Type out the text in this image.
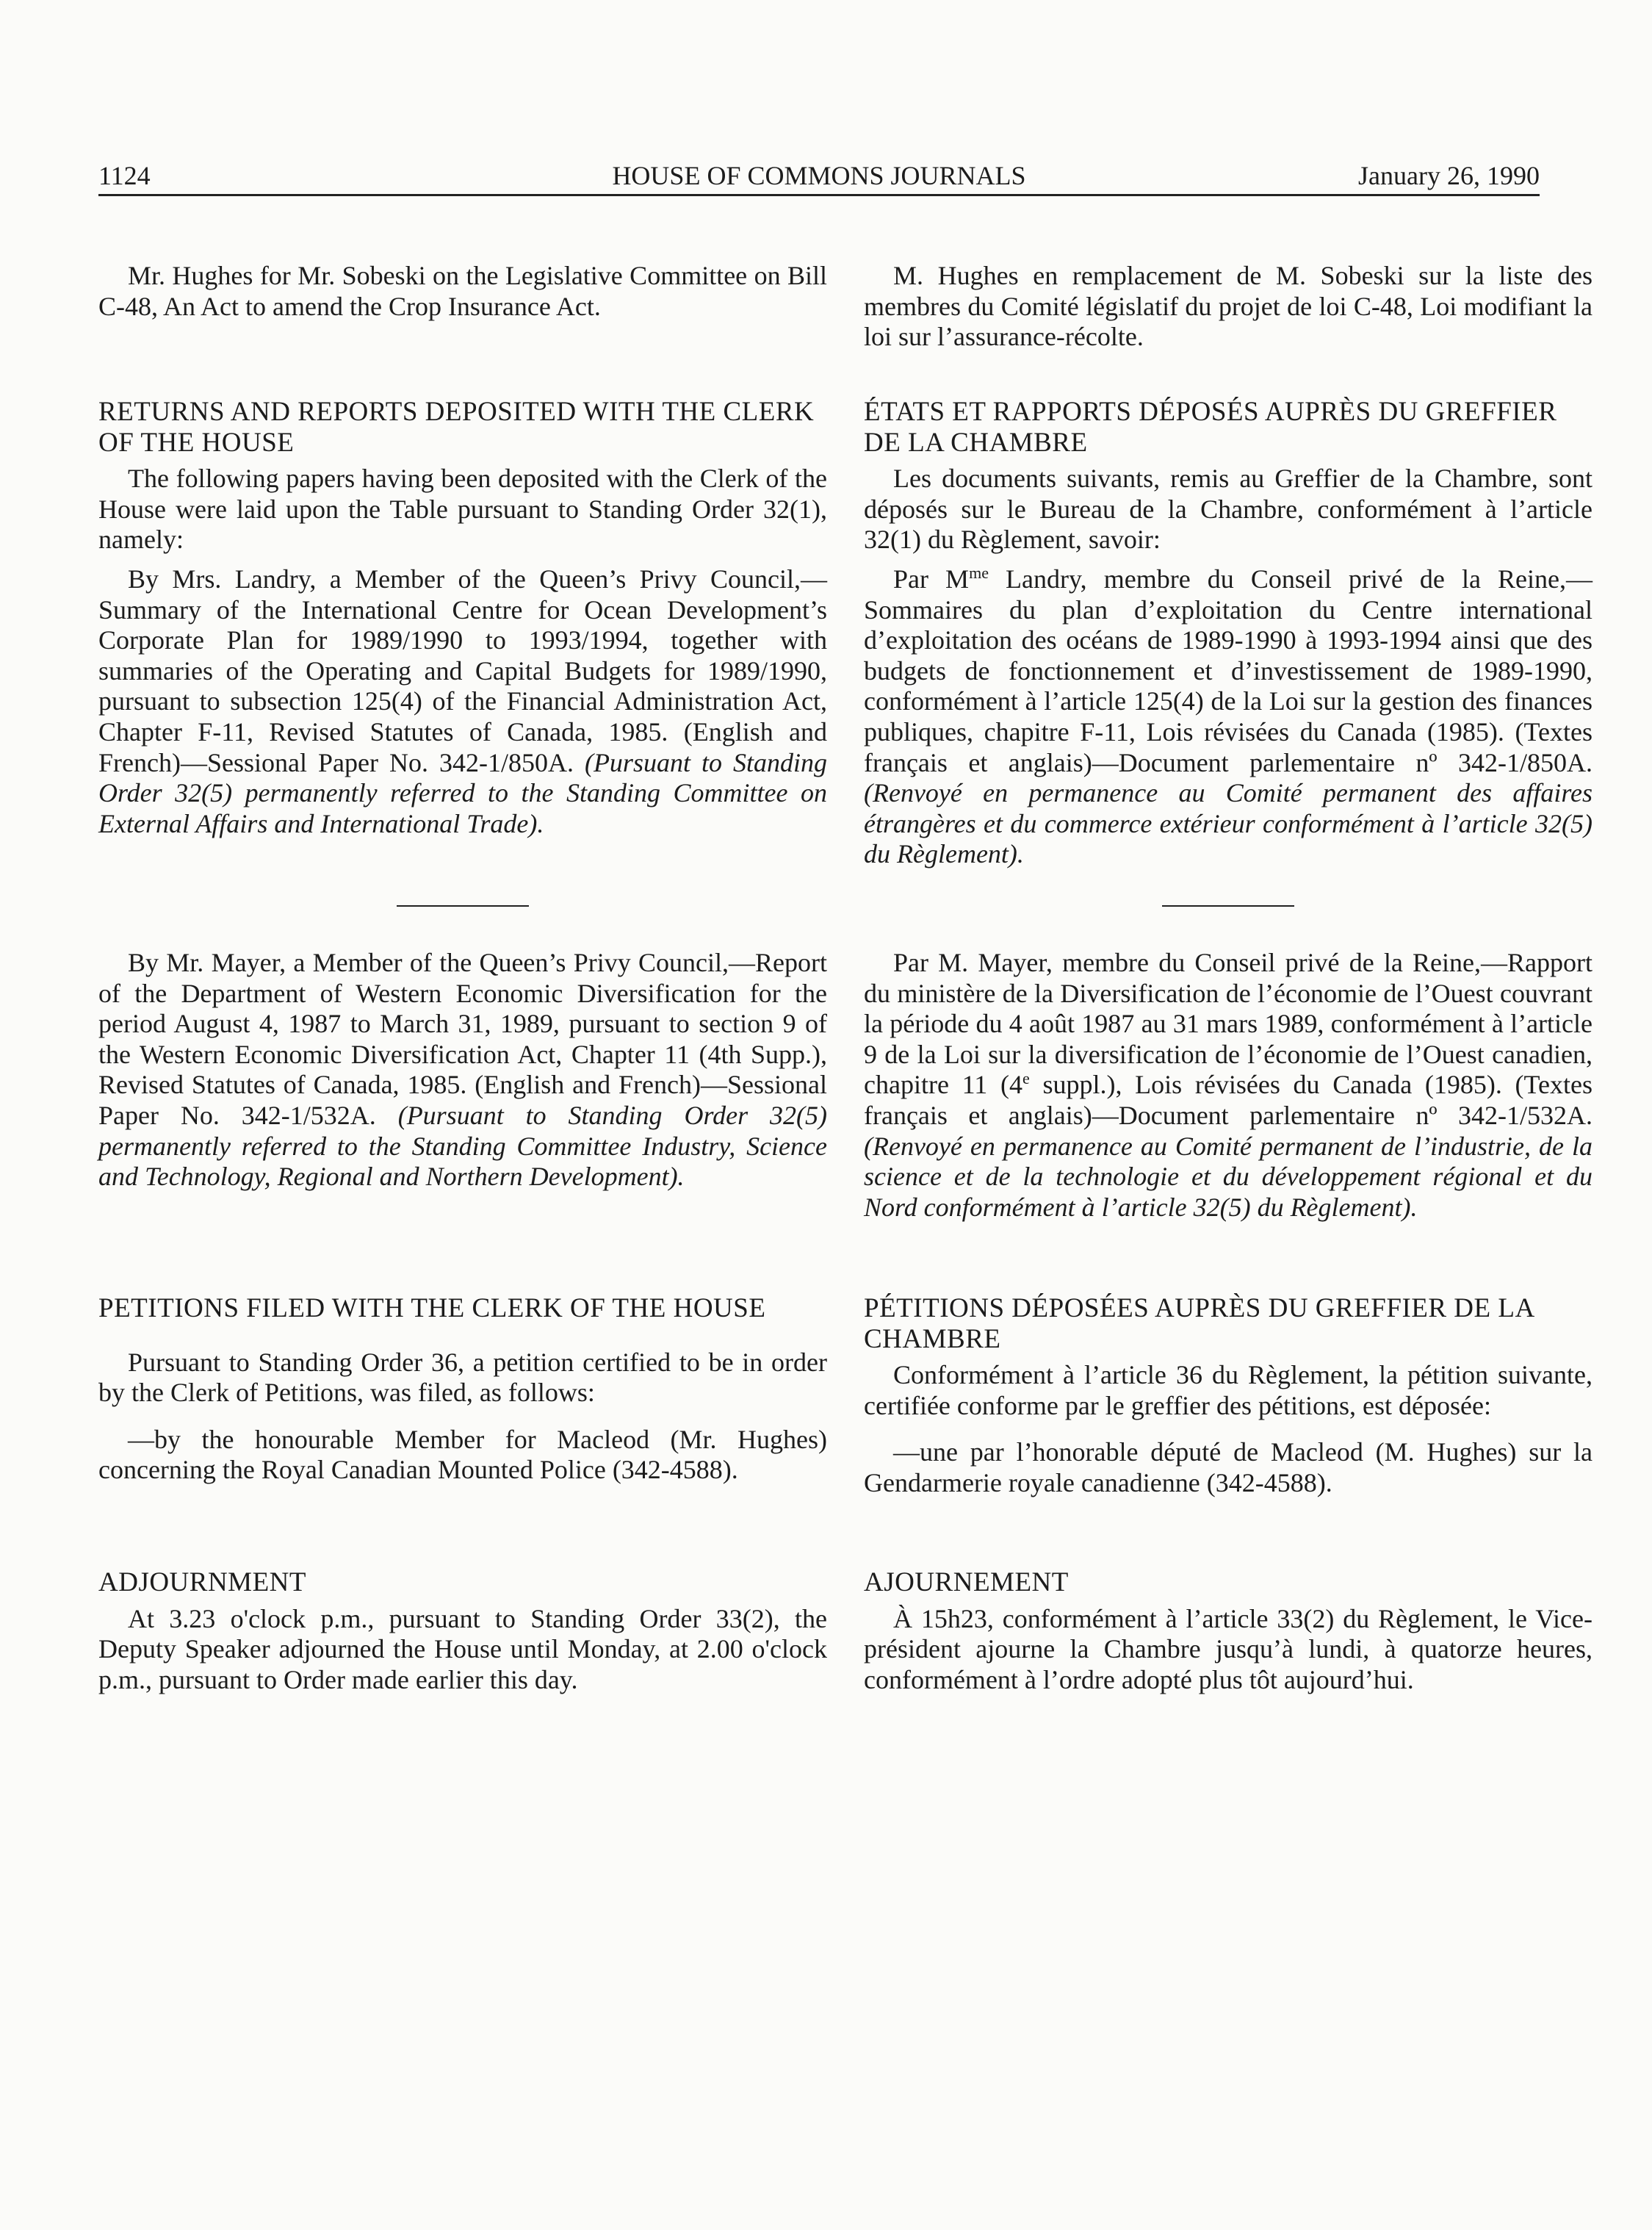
1124	HOUSE OF COMMONS JOURNALS	January 26, 1990

Mr. Hughes for Mr. Sobeski on the Legislative Committee on Bill C-48, An Act to amend the Crop Insurance Act.

RETURNS AND REPORTS DEPOSITED WITH THE CLERK OF THE HOUSE

The following papers having been deposited with the Clerk of the House were laid upon the Table pursuant to Standing Order 32(1), namely:

By Mrs. Landry, a Member of the Queen’s Privy Council,—Summary of the International Centre for Ocean Development’s Corporate Plan for 1989/1990 to 1993/1994, together with summaries of the Operating and Capital Budgets for 1989/1990, pursuant to subsection 125(4) of the Financial Administration Act, Chapter F-11, Revised Statutes of Canada, 1985. (English and French)—Sessional Paper No. 342-1/850A. (Pursuant to Standing Order 32(5) permanently referred to the Standing Committee on External Affairs and International Trade).

By Mr. Mayer, a Member of the Queen’s Privy Council,—Report of the Department of Western Economic Diversification for the period August 4, 1987 to March 31, 1989, pursuant to section 9 of the Western Economic Diversification Act, Chapter 11 (4th Supp.), Revised Statutes of Canada, 1985. (English and French)—Sessional Paper No. 342-1/532A. (Pursuant to Standing Order 32(5) permanently referred to the Standing Committee Industry, Science and Technology, Regional and Northern Development).

PETITIONS FILED WITH THE CLERK OF THE HOUSE

Pursuant to Standing Order 36, a petition certified to be in order by the Clerk of Petitions, was filed, as follows:

—by the honourable Member for Macleod (Mr. Hughes) concerning the Royal Canadian Mounted Police (342-4588).

ADJOURNMENT

At 3.23 o'clock p.m., pursuant to Standing Order 33(2), the Deputy Speaker adjourned the House until Monday, at 2.00 o'clock p.m., pursuant to Order made earlier this day.

M. Hughes en remplacement de M. Sobeski sur la liste des membres du Comité législatif du projet de loi C-48, Loi modifiant la loi sur l’assurance-récolte.

ÉTATS ET RAPPORTS DÉPOSÉS AUPRÈS DU GREFFIER DE LA CHAMBRE

Les documents suivants, remis au Greffier de la Chambre, sont déposés sur le Bureau de la Chambre, conformément à l’article 32(1) du Règlement, savoir:

Par $M^{me}$ Landry, membre du Conseil privé de la Reine,—Sommaires du plan d’exploitation du Centre international d’exploitation des océans de 1989-1990 à 1993-1994 ainsi que des budgets de fonctionnement et d’investissement de 1989-1990, conformément à l’article 125(4) de la Loi sur la gestion des finances publiques, chapitre F-11, Lois révisées du Canada (1985). (Textes français et anglais)—Document parlementaire nº 342-1/850A. (Renvoyé en permanence au Comité permanent des affaires étrangères et du commerce extérieur conformément à l’article 32(5) du Règlement).

Par M. Mayer, membre du Conseil privé de la Reine,—Rapport du ministère de la Diversification de l’économie de l’Ouest couvrant la période du 4 août 1987 au 31 mars 1989, conformément à l’article 9 de la Loi sur la diversification de l’économie de l’Ouest canadien, chapitre 11 (4e suppl.), Lois révisées du Canada (1985). (Textes français et anglais)—Document parlementaire nº 342-1/532A. (Renvoyé en permanence au Comité permanent de l’industrie, de la science et de la technologie et du développement régional et du Nord conformément à l’article 32(5) du Règlement).

PÉTITIONS DÉPOSÉES AUPRÈS DU GREFFIER DE LA CHAMBRE

Conformément à l’article 36 du Règlement, la pétition suivante, certifiée conforme par le greffier des pétitions, est déposée:

—une par l’honorable député de Macleod (M. Hughes) sur la Gendarmerie royale canadienne (342-4588).

AJOURNEMENT

À 15h23, conformément à l’article 33(2) du Règlement, le Vice-président ajourne la Chambre jusqu’à lundi, à quatorze heures, conformément à l’ordre adopté plus tôt aujourd’hui.
